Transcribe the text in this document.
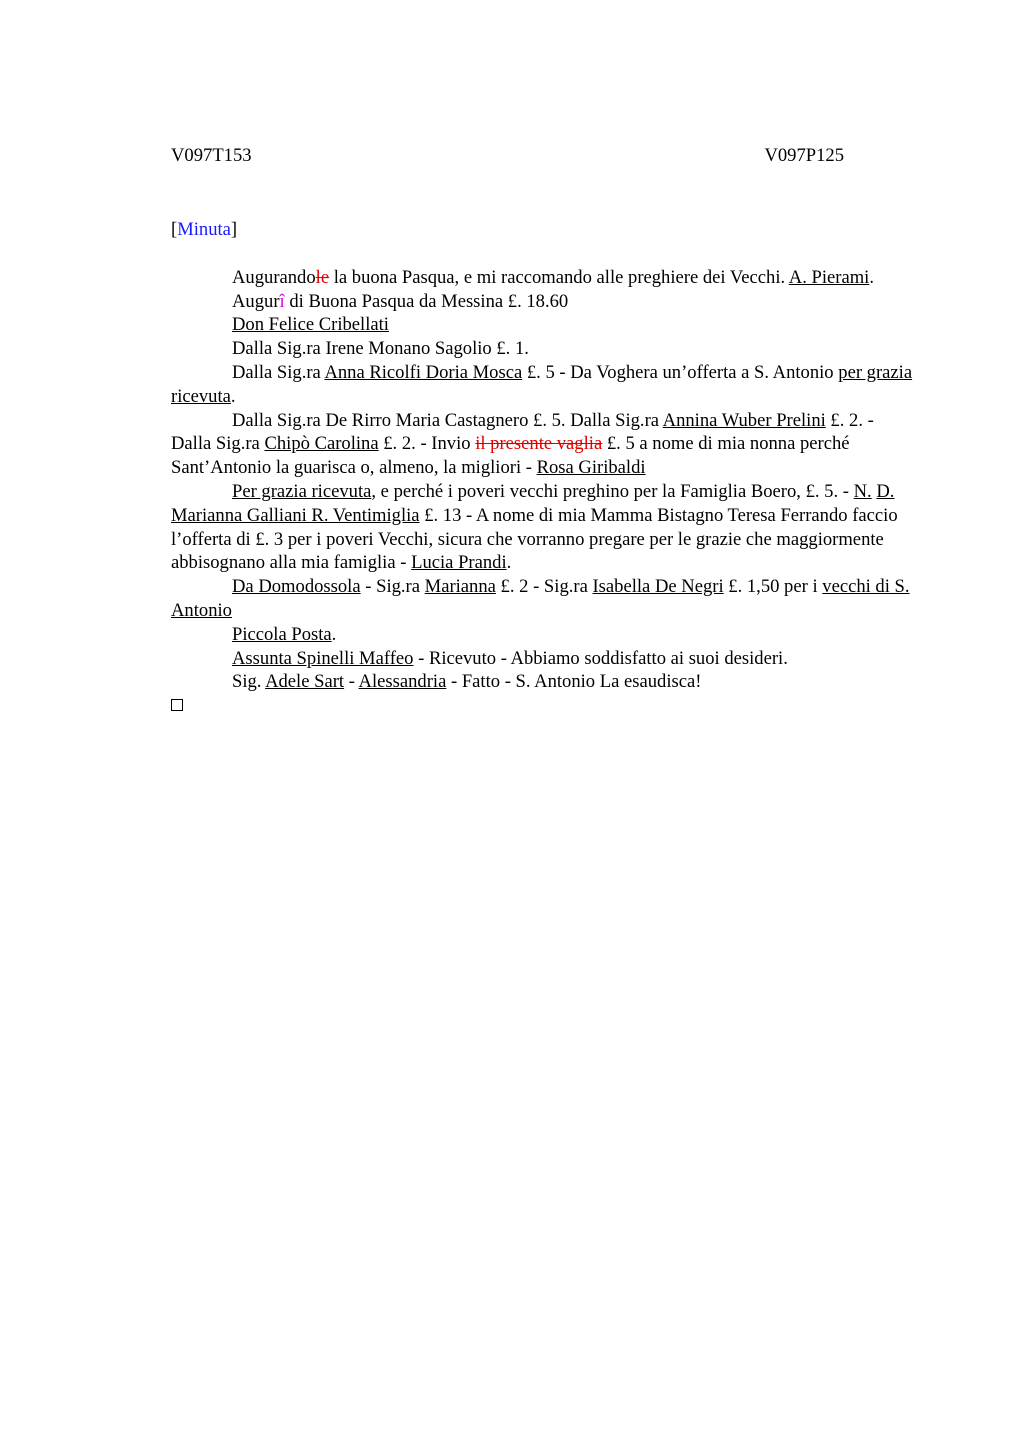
V097T153	V097P125
[Minuta]

Augurandole la buona Pasqua, e mi raccomando alle preghiere dei Vecchi. A. Pierami.

Augurî di Buona Pasqua da Messina £. 18.60

Don Felice Cribellati

Dalla Sig.ra Irene Monano Sagolio £. 1.

Dalla Sig.ra Anna Ricolfi Doria Mosca £. 5 - Da Voghera un’offerta a S. Antonio per grazia ricevuta.

Dalla Sig.ra De Rirro Maria Castagnero £. 5. Dalla Sig.ra Annina Wuber Prelini £. 2. - Dalla Sig.ra Chipò Carolina £. 2. - Invio il presente vaglia £. 5 a nome di mia nonna perché Sant’Antonio la guarisca o, almeno, la migliori - Rosa Giribaldi

Per grazia ricevuta, e perché i poveri vecchi preghino per la Famiglia Boero, £. 5. - N. D. Marianna Galliani R. Ventimiglia £. 13 - A nome di mia Mamma Bistagno Teresa Ferrando faccio l’offerta di £. 3 per i poveri Vecchi, sicura che vorranno pregare per le grazie che maggiormente abbisognano alla mia famiglia - Lucia Prandi.

Da Domodossola - Sig.ra Marianna £. 2 - Sig.ra Isabella De Negri £. 1,50 per i vecchi di S. Antonio

Piccola Posta.

Assunta Spinelli Maffeo - Ricevuto - Abbiamo soddisfatto ai suoi desideri.

Sig. Adele Sart - Alessandria - Fatto - S. Antonio La esaudisca!
